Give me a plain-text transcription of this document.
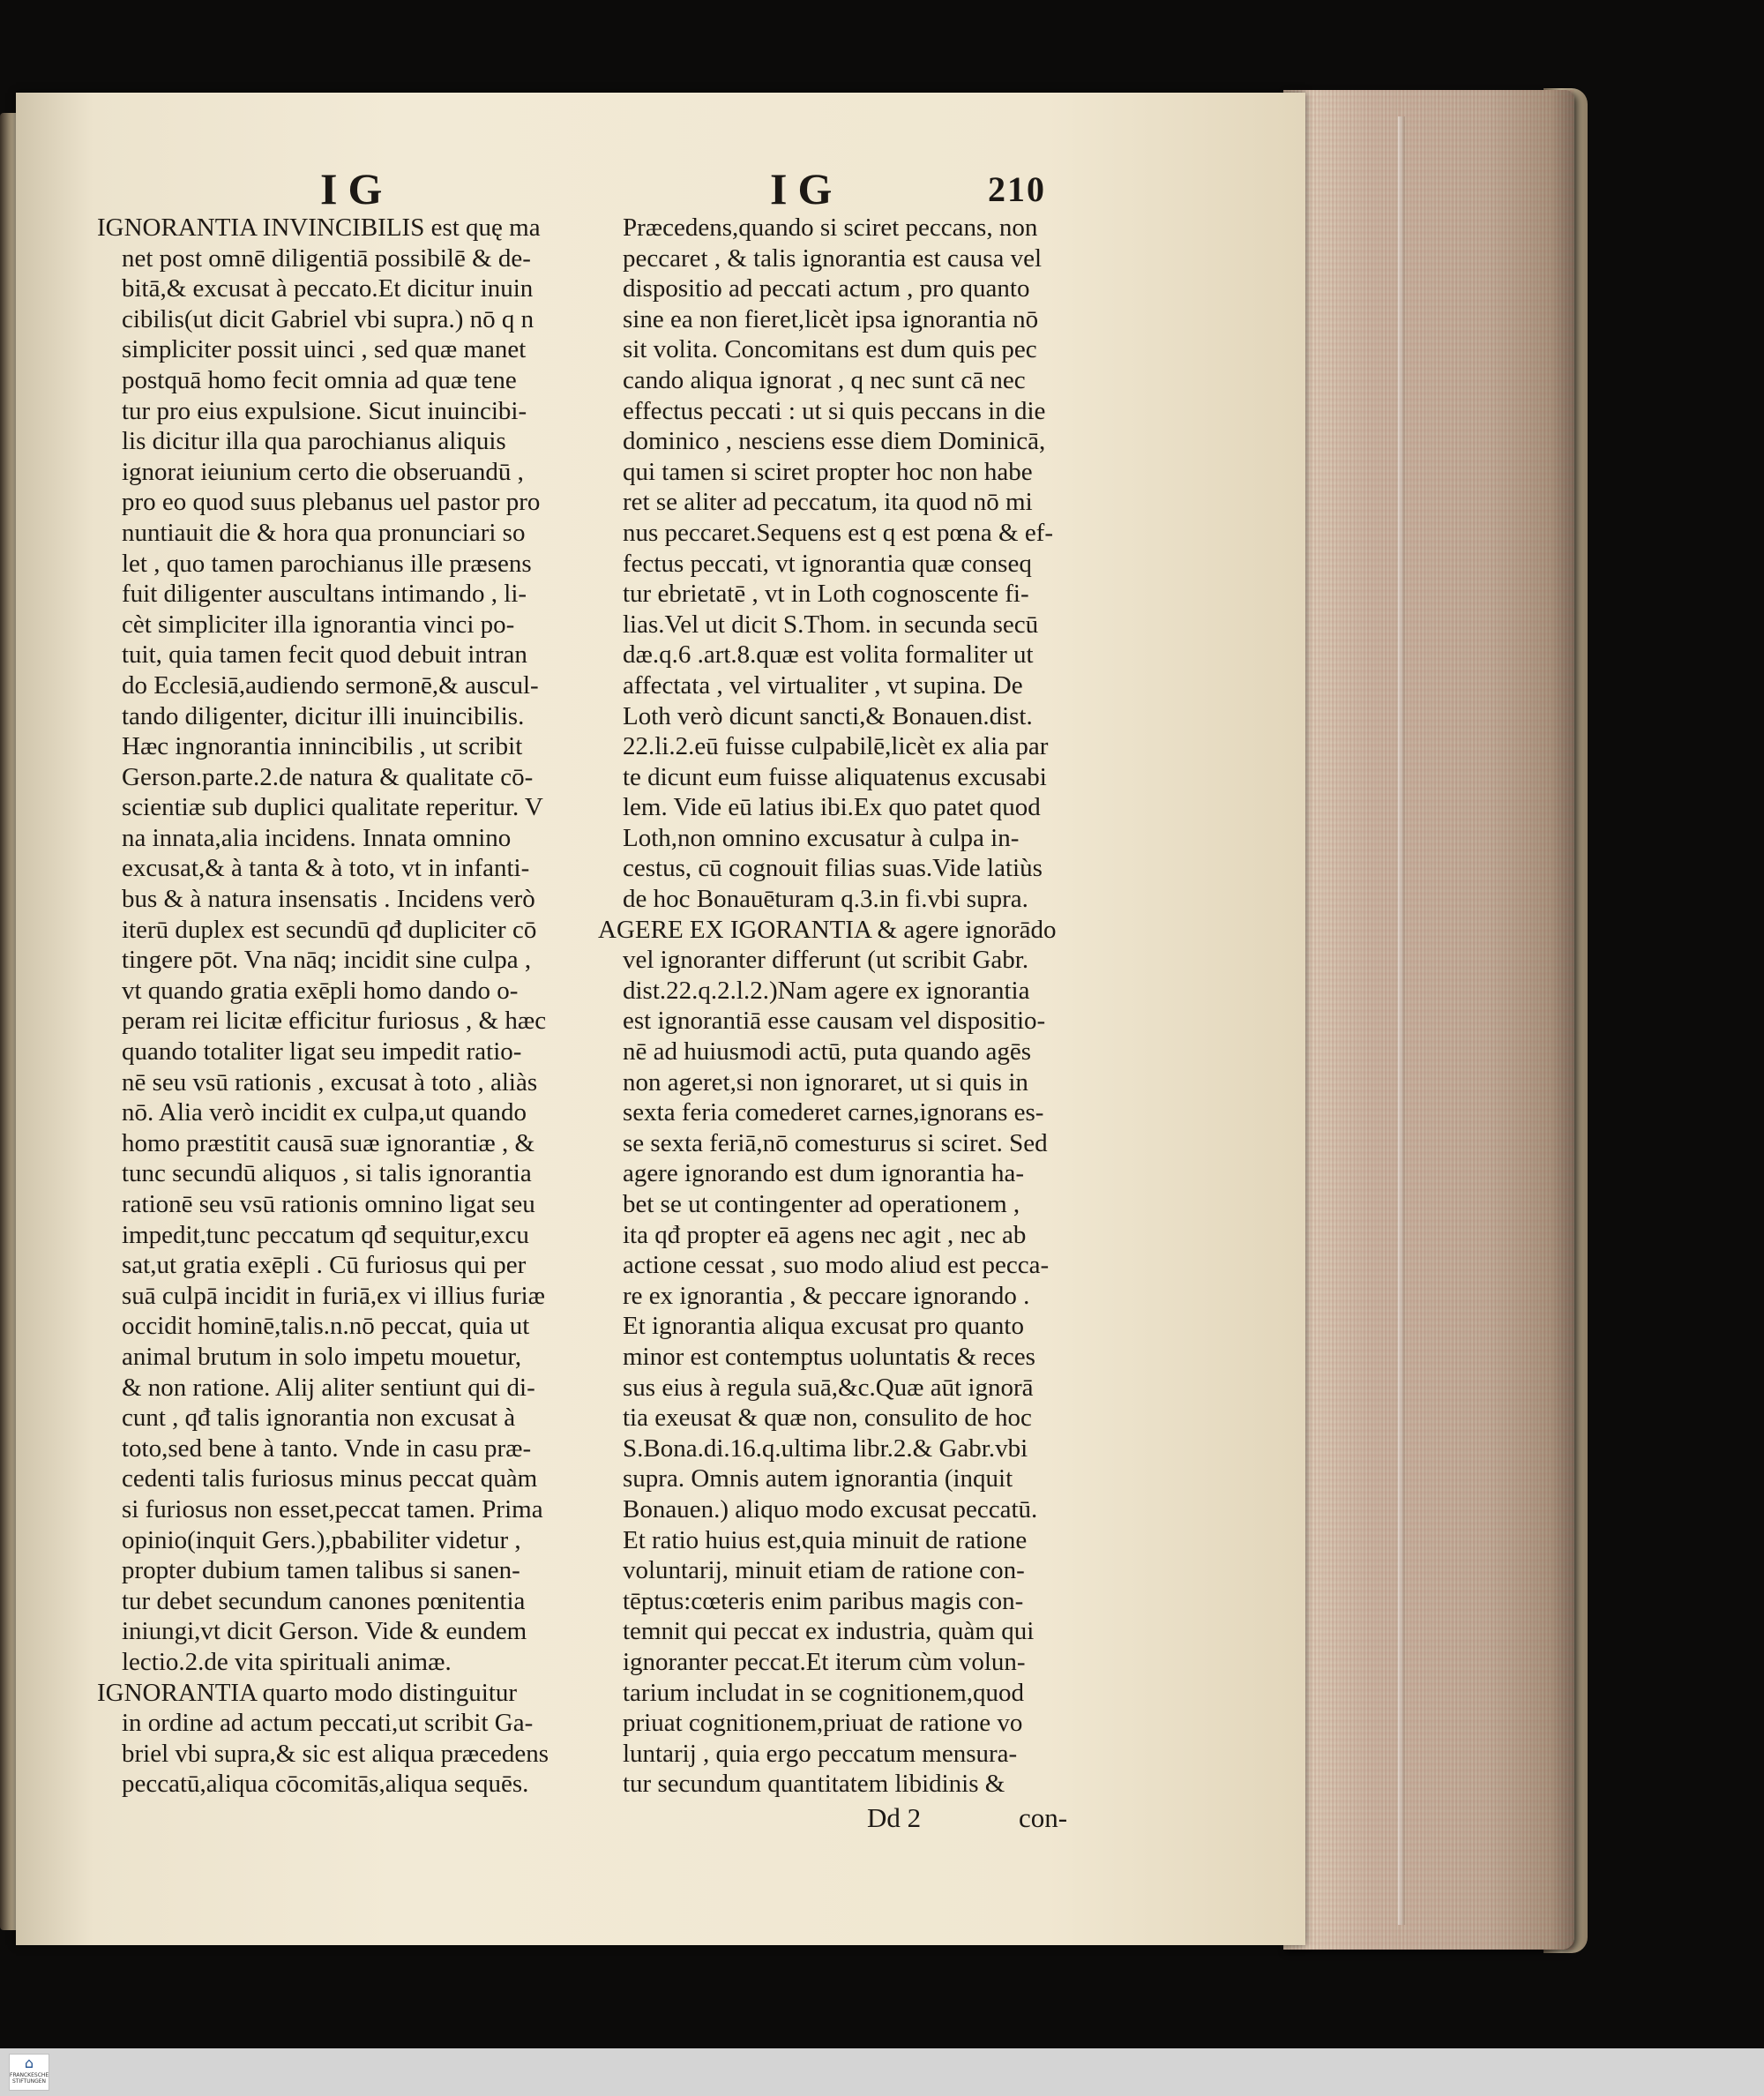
IG	IG	210
IGNORANTIA INVINCIBILIS est quę ma
net post omnē diligentiā possibilē & de-
bitā,& excusat à peccato.Et dicitur inuin
cibilis(ut dicit Gabriel vbi supra.) nō q n
simpliciter possit uinci , sed quæ manet
postquā homo fecit omnia ad quæ tene
tur pro eius expulsione. Sicut inuincibi-
lis dicitur illa qua parochianus aliquis
ignorat ieiunium certo die obseruandū ,
pro eo quod suus plebanus uel pastor pro
nuntiauit die & hora qua pronunciari so
let , quo tamen parochianus ille præsens
fuit diligenter auscultans intimando , li-
cèt simpliciter illa ignorantia vinci po-
tuit, quia tamen fecit quod debuit intran
do Ecclesiā,audiendo sermonē,& auscul-
tando diligenter, dicitur illi inuincibilis.
Hæc ingnorantia innincibilis , ut scribit
Gerson.parte.2.de natura & qualitate cō-
scientiæ sub duplici qualitate reperitur. V
na innata,alia incidens. Innata omnino
excusat,& à tanta & à toto, vt in infanti-
bus & à natura insensatis . Incidens verò
iterū duplex est secundū qđ dupliciter cō
tingere pōt. Vna nāq; incidit sine culpa ,
vt quando gratia exēpli homo dando o-
peram rei licitæ efficitur furiosus , & hæc
quando totaliter ligat seu impedit ratio-
nē seu vsū rationis , excusat à toto , aliàs
nō. Alia verò incidit ex culpa,ut quando
homo præstitit causā suæ ignorantiæ , &
tunc secundū aliquos , si talis ignorantia
rationē seu vsū rationis omnino ligat seu
impedit,tunc peccatum qđ sequitur,excu
sat,ut gratia exēpli . Cū furiosus qui per
suā culpā incidit in furiā,ex vi illius furiæ
occidit hominē,talis.n.nō peccat, quia ut
animal brutum in solo impetu mouetur,
& non ratione. Alij aliter sentiunt qui di-
cunt , qđ talis ignorantia non excusat à
toto,sed bene à tanto. Vnde in casu præ-
cedenti talis furiosus minus peccat quàm
si furiosus non esset,peccat tamen. Prima
opinio(inquit Gers.),pbabiliter videtur ,
propter dubium tamen talibus si sanen-
tur debet secundum canones pœnitentia
iniungi,vt dicit Gerson. Vide & eundem
lectio.2.de vita spirituali animæ.
IGNORANTIA quarto modo distinguitur
in ordine ad actum peccati,ut scribit Ga-
briel vbi supra,& sic est aliqua præcedens
peccatū,aliqua cōcomitās,aliqua sequēs.
Præcedens,quando si sciret peccans, non
peccaret , & talis ignorantia est causa vel
dispositio ad peccati actum , pro quanto
sine ea non fieret,licèt ipsa ignorantia nō
sit volita. Concomitans est dum quis pec
cando aliqua ignorat , q nec sunt cā nec
effectus peccati : ut si quis peccans in die
dominico , nesciens esse diem Dominicā,
qui tamen si sciret propter hoc non habe
ret se aliter ad peccatum, ita quod nō mi
nus peccaret.Sequens est q est pœna & ef-
fectus peccati, vt ignorantia quæ conseq
tur ebrietatē , vt in Loth cognoscente fi-
lias.Vel ut dicit S.Thom. in secunda secū
dæ.q.6 .art.8.quæ est volita formaliter ut
affectata , vel virtualiter , vt supina. De
Loth verò dicunt sancti,& Bonauen.dist.
22.li.2.eū fuisse culpabilē,licèt ex alia par
te dicunt eum fuisse aliquatenus excusabi
lem. Vide eū latius ibi.Ex quo patet quod
Loth,non omnino excusatur à culpa in-
cestus, cū cognouit filias suas.Vide latiùs
de hoc Bonauēturam q.3.in fi.vbi supra.
AGERE EX IGORANTIA & agere ignorādo
vel ignoranter differunt (ut scribit Gabr.
dist.22.q.2.l.2.)Nam agere ex ignorantia
est ignorantiā esse causam vel dispositio-
nē ad huiusmodi actū, puta quando agēs
non ageret,si non ignoraret, ut si quis in
sexta feria comederet carnes,ignorans es-
se sexta feriā,nō comesturus si sciret. Sed
agere ignorando est dum ignorantia ha-
bet se ut contingenter ad operationem ,
ita qđ propter eā agens nec agit , nec ab
actione cessat , suo modo aliud est pecca-
re ex ignorantia , & peccare ignorando .
Et ignorantia aliqua excusat pro quanto
minor est contemptus uoluntatis & reces
sus eius à regula suā,&c.Quæ aūt ignorā
tia exeusat & quæ non, consulito de hoc
S.Bona.di.16.q.ultima libr.2.& Gabr.vbi
supra. Omnis autem ignorantia (inquit
Bonauen.) aliquo modo excusat peccatū.
Et ratio huius est,quia minuit de ratione
voluntarij, minuit etiam de ratione con-
tēptus:cœteris enim paribus magis con-
temnit qui peccat ex industria, quàm qui
ignoranter peccat.Et iterum cùm volun-
tarium includat in se cognitionem,quod
priuat cognitionem,priuat de ratione vo
luntarij , quia ergo peccatum mensura-
tur secundum quantitatem libidinis &
Dd 2	con-
⌂
FRANCKESCHE STIFTUNGEN
